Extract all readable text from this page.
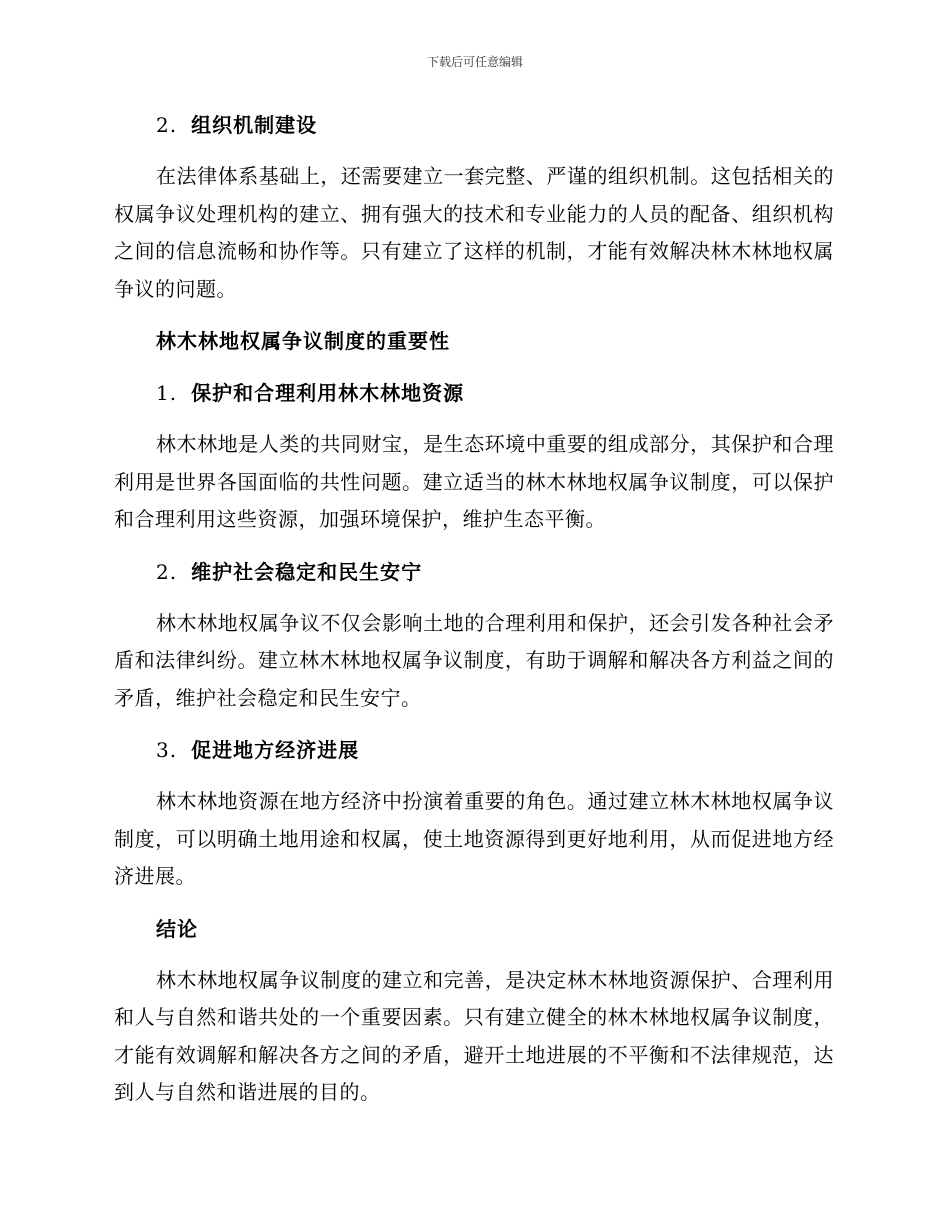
下载后可任意编辑
2. 组织机制建设

在法律体系基础上，还需要建立一套完整、严谨的组织机制。这包括相关的权属争议处理机构的建立、拥有强大的技术和专业能力的人员的配备、组织机构之间的信息流畅和协作等。只有建立了这样的机制，才能有效解决林木林地权属争议的问题。

林木林地权属争议制度的重要性
1. 保护和合理利用林木林地资源

林木林地是人类的共同财宝，是生态环境中重要的组成部分，其保护和合理利用是世界各国面临的共性问题。建立适当的林木林地权属争议制度，可以保护和合理利用这些资源，加强环境保护，维护生态平衡。

2. 维护社会稳定和民生安宁

林木林地权属争议不仅会影响土地的合理利用和保护，还会引发各种社会矛盾和法律纠纷。建立林木林地权属争议制度，有助于调解和解决各方利益之间的矛盾，维护社会稳定和民生安宁。

3. 促进地方经济进展

林木林地资源在地方经济中扮演着重要的角色。通过建立林木林地权属争议制度，可以明确土地用途和权属，使土地资源得到更好地利用，从而促进地方经济进展。

结论

林木林地权属争议制度的建立和完善，是决定林木林地资源保护、合理利用和人与自然和谐共处的一个重要因素。只有建立健全的林木林地权属争议制度，才能有效调解和解决各方之间的矛盾，避开土地进展的不平衡和不法律规范，达到人与自然和谐进展的目的。
